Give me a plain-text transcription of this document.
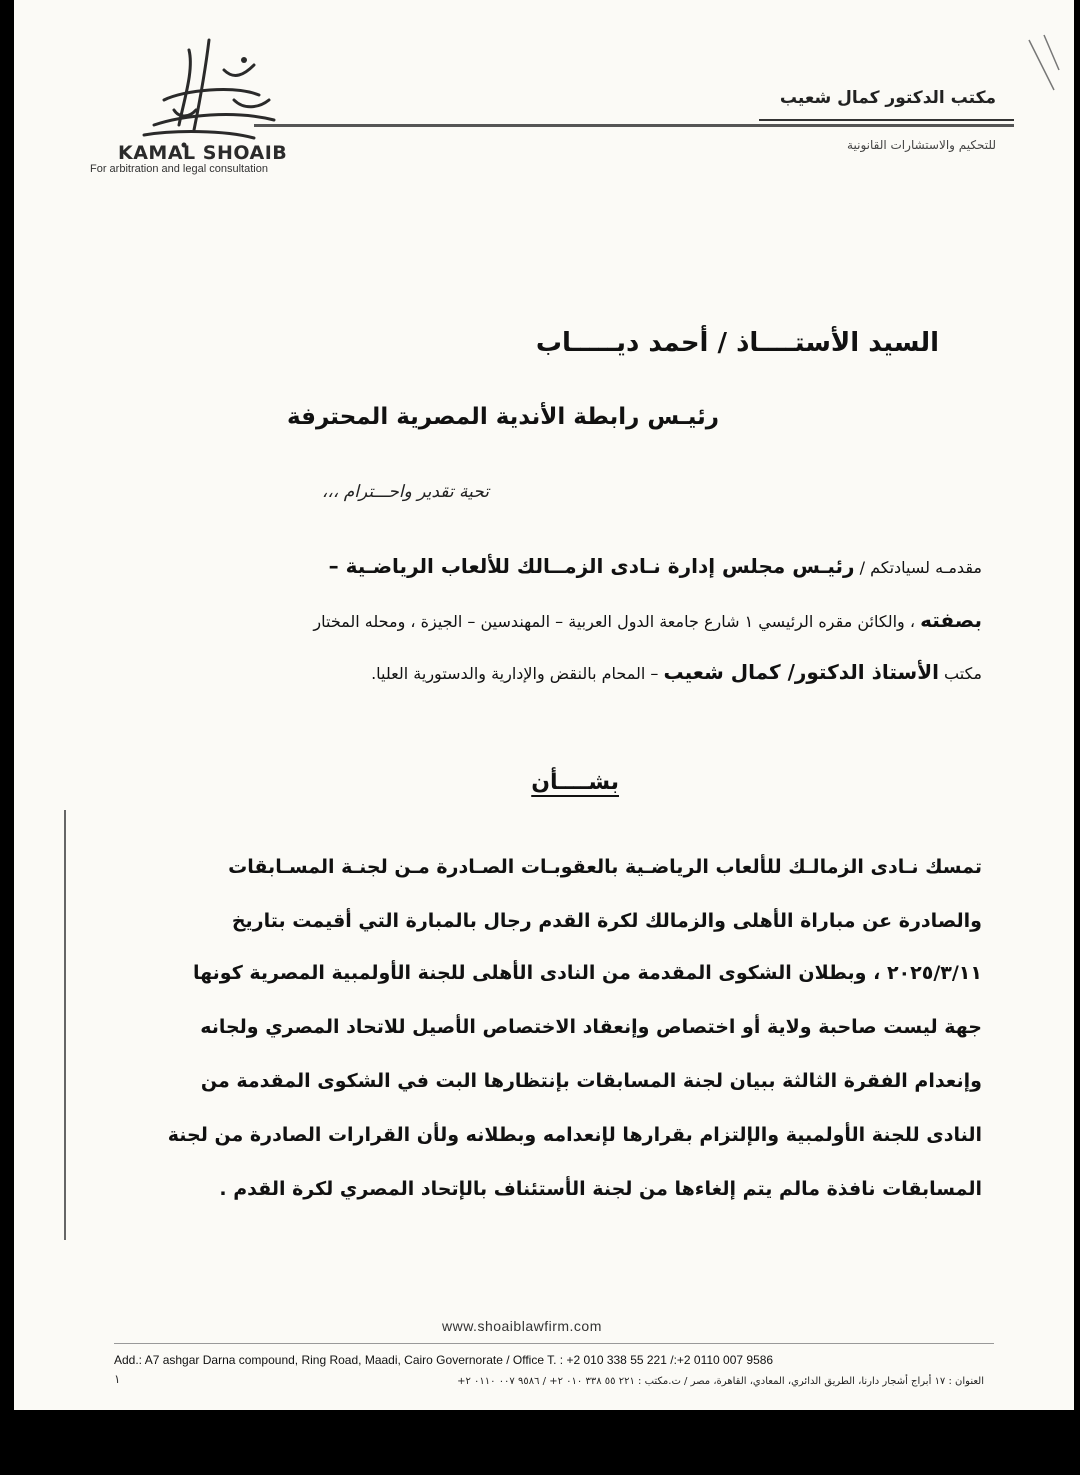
KAMAL SHOAIB
For arbitration and legal consultation
مكتب الدكتور كمال شعيب
للتحكيم والاستشارات القانونية
السيد الأستــــاذ / أحمد ديـــــاب
رئيـس رابطة الأندية المصرية المحترفة
تحية تقدير واحـــترام ،،،
مقدمـه لسيادتكم / رئيـس مجلس إدارة نـادى الزمــالك للألعاب الرياضـية –
بصفته ، والكائن مقره الرئيسي ١ شارع جامعة الدول العربية – المهندسين – الجيزة ، ومحله المختار
مكتب الأستاذ الدكتور/ كمال شعيب – المحام بالنقض والإدارية والدستورية العليا.
بشــــأن
تمسك نـادى الزمالـك للألعاب الرياضـية بالعقوبـات الصـادرة مـن لجنـة المسـابقات
والصادرة عن مباراة الأهلى والزمالك لكرة القدم رجال بالمبارة التي أقيمت بتاريخ
٢٠٢٥/٣/١١ ، وبطلان الشكوى المقدمة من النادى الأهلى للجنة الأولمبية المصرية كونها
جهة ليست صاحبة ولاية أو اختصاص وإنعقاد الاختصاص الأصيل للاتحاد المصري ولجانه
وإنعدام الفقرة الثالثة ببيان لجنة المسابقات بإنتظارها البت في الشكوى المقدمة من
النادى للجنة الأولمبية والإلتزام بقرارها لإنعدامه وبطلانه ولأن القرارات الصادرة من لجنة
المسابقات نافذة مالم يتم إلغاءها من لجنة الأستئناف بالإتحاد المصري لكرة القدم .
www.shoaiblawfirm.com
Add.: A7 ashgar Darna compound, Ring Road, Maadi, Cairo Governorate / Office T. : +2 010 338 55 221 /:+2 0110 007 9586
١	العنوان : ١٧ أبراج أشجار دارنا، الطريق الدائري، المعادي، القاهرة، مصر / ت.مكتب : ٢٢١ ٥٥ ٣٣٨ ٠١٠ ٢+ / ٩٥٨٦ ٠٠٧ ٠١١٠ ٢+
